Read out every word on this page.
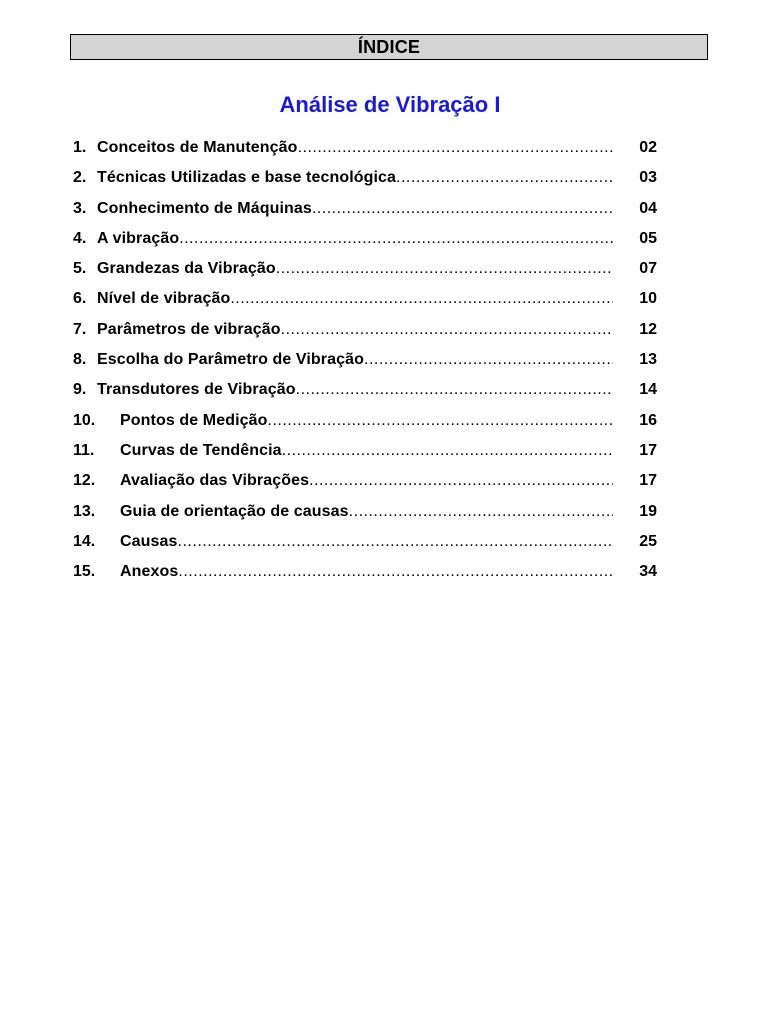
ÍNDICE
Análise de Vibração I
1. Conceitos de Manutenção .....	02
2. Técnicas Utilizadas e base tecnológica .....	03
3. Conhecimento de Máquinas .....	04
4. A vibração .....	05
5. Grandezas da Vibração .....	07
6. Nível de vibração .....	10
7. Parâmetros de vibração .....	12
8. Escolha do Parâmetro de Vibração .....	13
9. Transdutores de Vibração .....	14
10. Pontos de Medição .....	16
11. Curvas de Tendência .....	17
12. Avaliação das Vibrações .....	17
13. Guia de orientação de causas .....	19
14. Causas .....	25
15. Anexos .....	34
